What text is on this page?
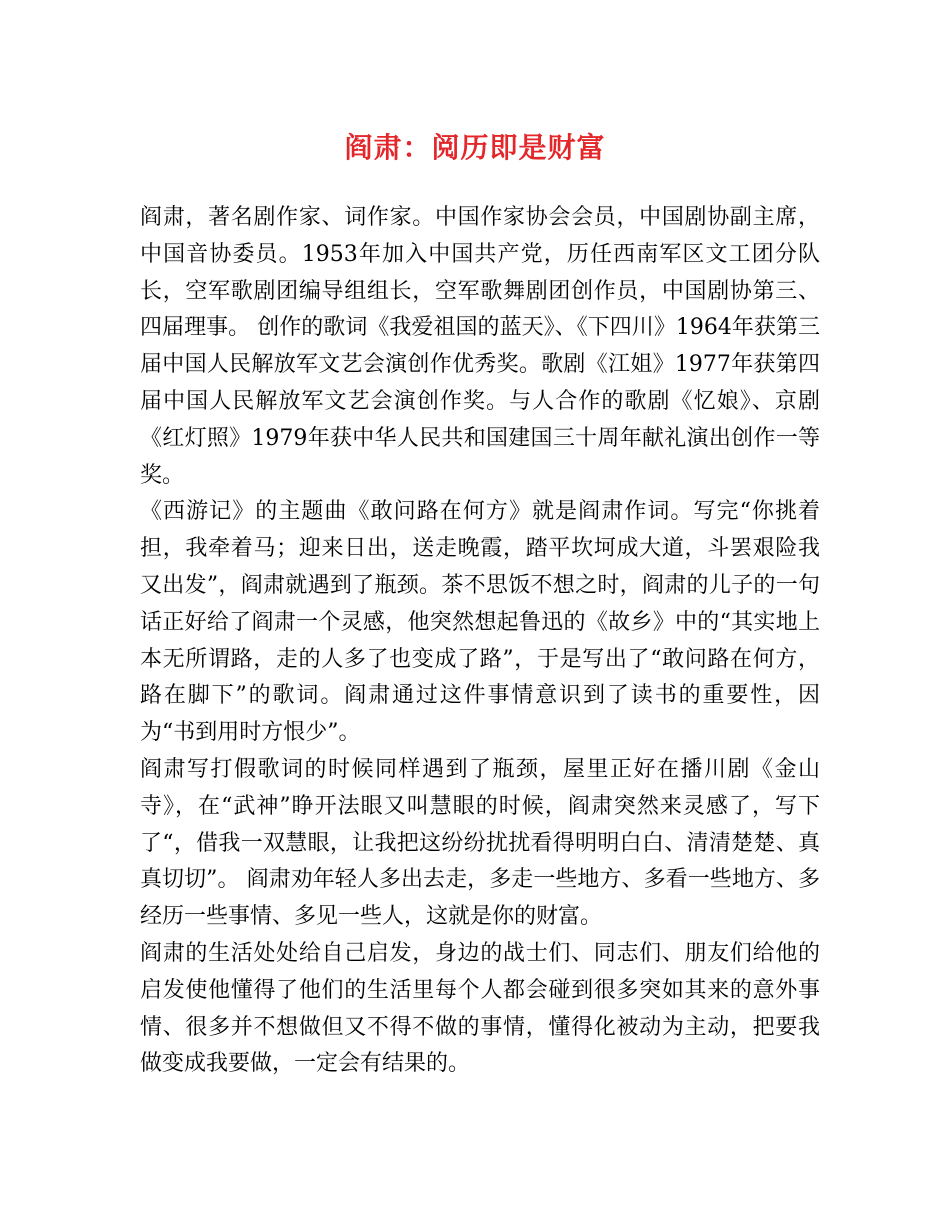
阎肃：阅历即是财富

阎肃，著名剧作家、词作家。中国作家协会会员，中国剧协副主席，中国音协委员。1953年加入中国共产党，历任西南军区文工团分队长，空军歌剧团编导组组长，空军歌舞剧团创作员，中国剧协第三、四届理事。 创作的歌词《我爱祖国的蓝天》、《下四川》1964年获第三届中国人民解放军文艺会演创作优秀奖。歌剧《江姐》1977年获第四届中国人民解放军文艺会演创作奖。与人合作的歌剧《忆娘》、京剧《红灯照》1979年获中华人民共和国建国三十周年献礼演出创作一等奖。

《西游记》的主题曲《敢问路在何方》就是阎肃作词。写完“你挑着担，我牵着马；迎来日出，送走晚霞，踏平坎坷成大道，斗罢艰险我又出发”，阎肃就遇到了瓶颈。茶不思饭不想之时，阎肃的儿子的一句话正好给了阎肃一个灵感，他突然想起鲁迅的《故乡》中的“其实地上本无所谓路，走的人多了也变成了路”，于是写出了“敢问路在何方，路在脚下”的歌词。阎肃通过这件事情意识到了读书的重要性，因为“书到用时方恨少”。

阎肃写打假歌词的时候同样遇到了瓶颈，屋里正好在播川剧《金山寺》，在“武神”睁开法眼又叫慧眼的时候，阎肃突然来灵感了，写下了“，借我一双慧眼，让我把这纷纷扰扰看得明明白白、清清楚楚、真真切切”。 阎肃劝年轻人多出去走，多走一些地方、多看一些地方、多经历一些事情、多见一些人，这就是你的财富。

阎肃的生活处处给自己启发，身边的战士们、同志们、朋友们给他的启发使他懂得了他们的生活里每个人都会碰到很多突如其来的意外事情、很多并不想做但又不得不做的事情，懂得化被动为主动，把要我做变成我要做，一定会有结果的。
